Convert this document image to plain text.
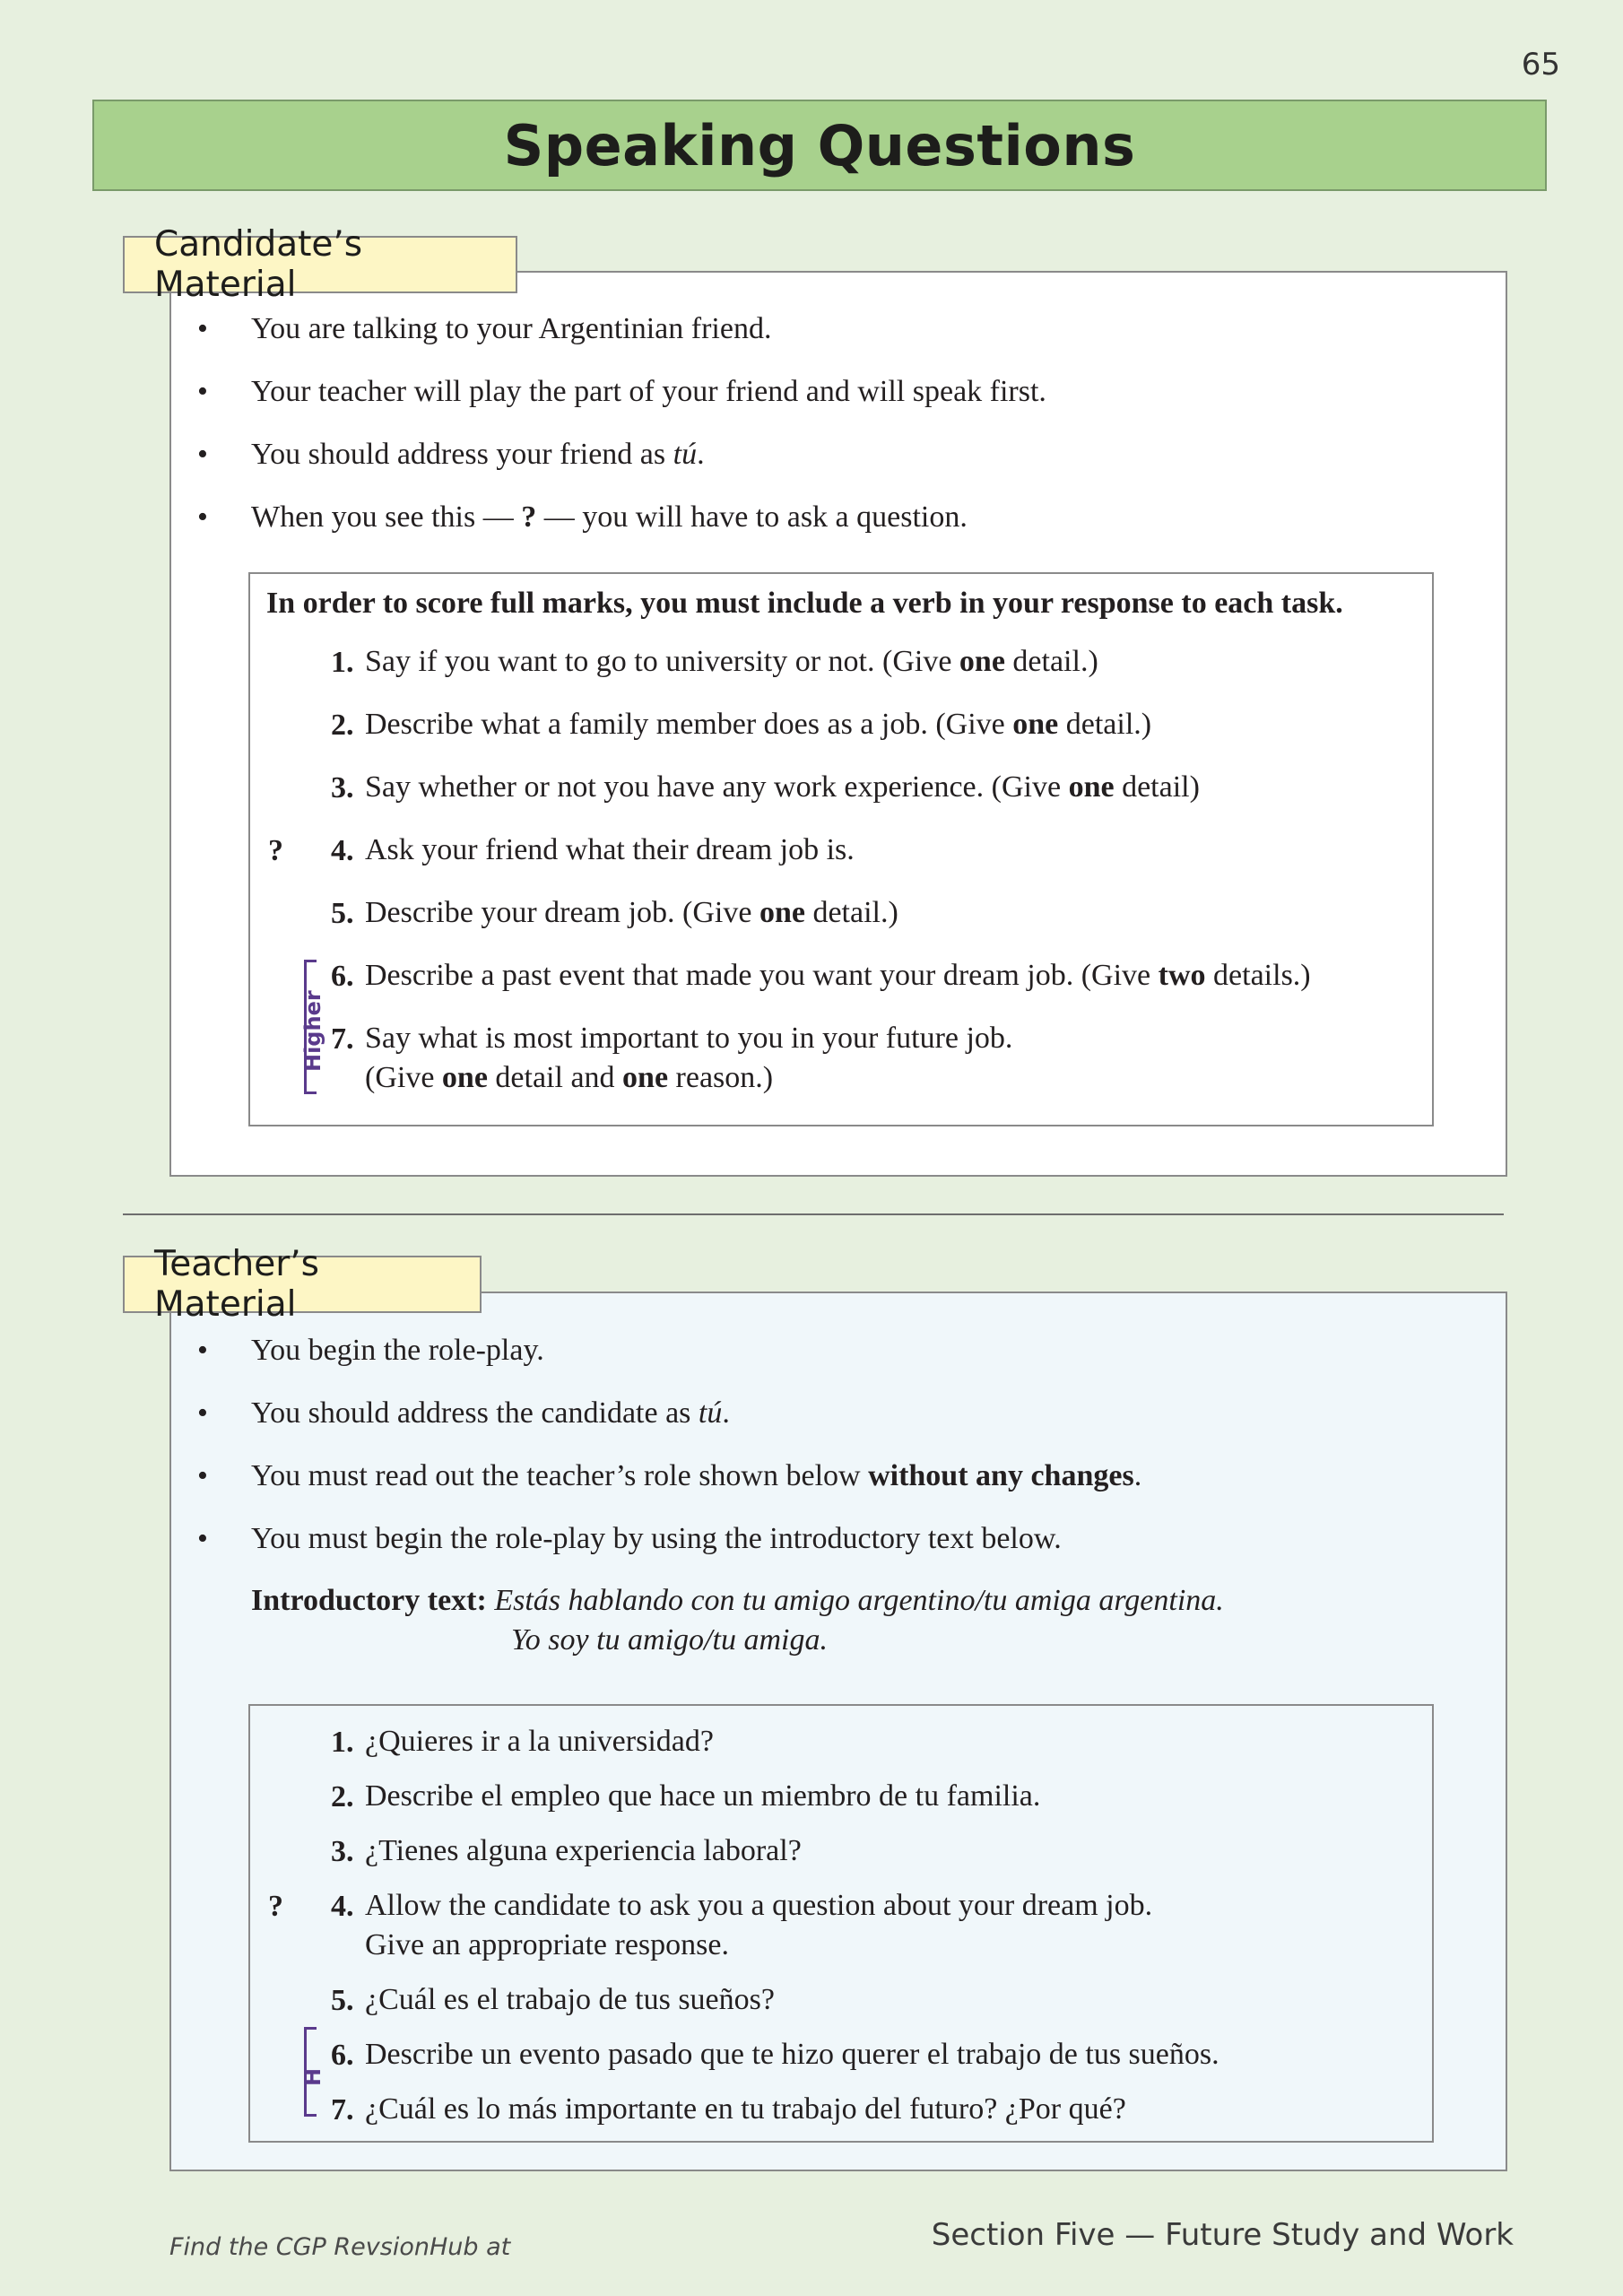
65
Speaking Questions
Candidate’s Material
• You are talking to your Argentinian friend.
• Your teacher will play the part of your friend and will speak first.
• You should address your friend as tú.
• When you see this — ? — you will have to ask a question.
In order to score full marks, you must include a verb in your response to each task.
1. Say if you want to go to university or not. (Give one detail.)
2. Describe what a family member does as a job. (Give one detail.)
3. Say whether or not you have any work experience. (Give one detail)
? 4. Ask your friend what their dream job is.
5. Describe your dream job. (Give one detail.)
6. Describe a past event that made you want your dream job. (Give two details.)
7. Say what is most important to you in your future job.
(Give one detail and one reason.)
Higher
Teacher’s Material
• You begin the role-play.
• You should address the candidate as tú.
• You must read out the teacher’s role shown below without any changes.
• You must begin the role-play by using the introductory text below.
Introductory text: Estás hablando con tu amigo argentino/tu amiga argentina.
Yo soy tu amigo/tu amiga.
1. ¿Quieres ir a la universidad?
2. Describe el empleo que hace un miembro de tu familia.
3. ¿Tienes alguna experiencia laboral?
? 4. Allow the candidate to ask you a question about your dream job.
Give an appropriate response.
5. ¿Cuál es el trabajo de tus sueños?
6. Describe un evento pasado que te hizo querer el trabajo de tus sueños.
7. ¿Cuál es lo más importante en tu trabajo del futuro? ¿Por qué?
H
Find the CGP RevsionHub at	Section Five — Future Study and Work
